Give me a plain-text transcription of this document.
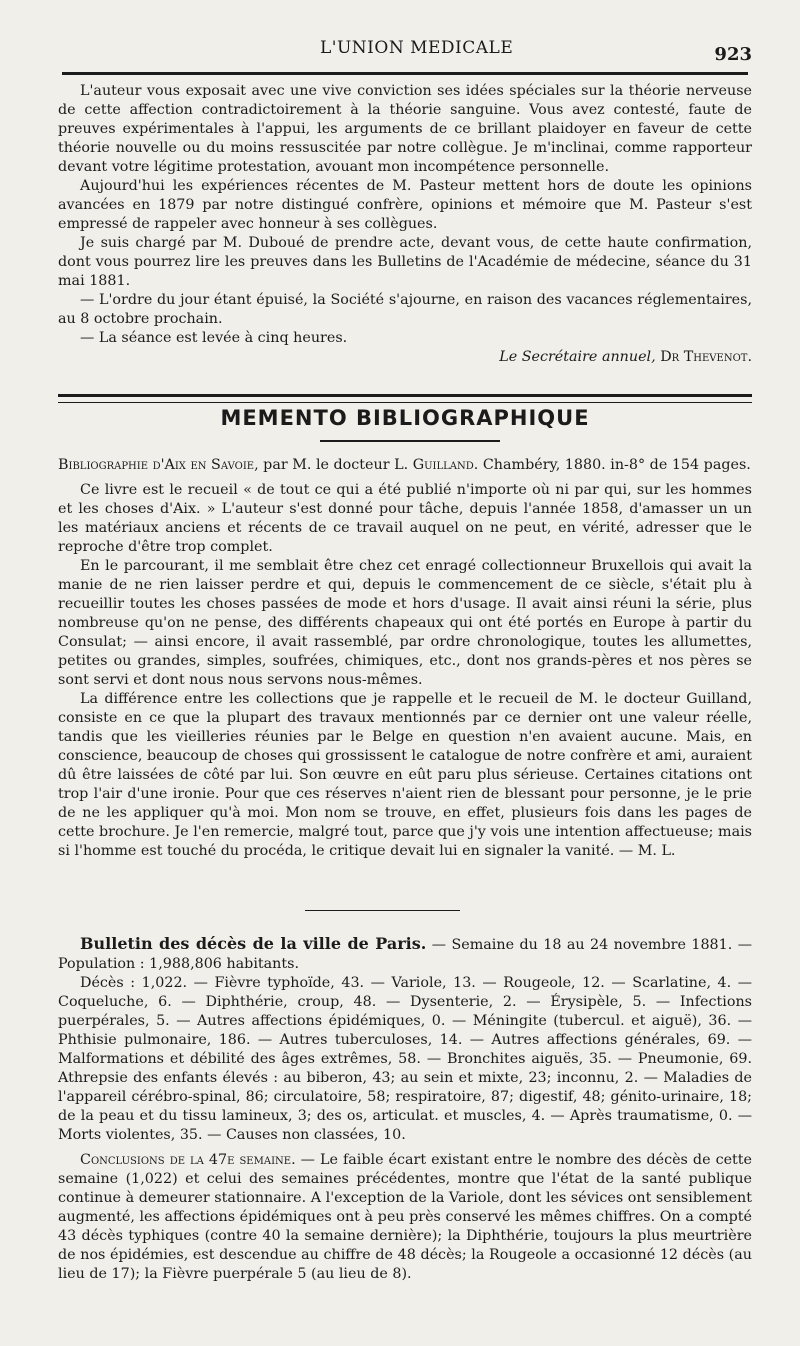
L'UNION MEDICALE	923

L'auteur vous exposait avec une vive conviction ses idées spéciales sur la théorie nerveuse de cette affection contradictoirement à la théorie sanguine. Vous avez contesté, faute de preuves expérimentales à l'appui, les arguments de ce brillant plaidoyer en faveur de cette théorie nouvelle ou du moins ressuscitée par notre collègue. Je m'inclinai, comme rapporteur devant votre légitime protestation, avouant mon incompétence personnelle.

Aujourd'hui les expériences récentes de M. Pasteur mettent hors de doute les opinions avancées en 1879 par notre distingué confrère, opinions et mémoire que M. Pasteur s'est empressé de rappeler avec honneur à ses collègues.

Je suis chargé par M. Duboué de prendre acte, devant vous, de cette haute confirmation, dont vous pourrez lire les preuves dans les Bulletins de l'Académie de médecine, séance du 31 mai 1881.

— L'ordre du jour étant épuisé, la Société s'ajourne, en raison des vacances réglementaires, au 8 octobre prochain.

— La séance est levée à cinq heures.

Le Secrétaire annuel, Dr Thevenot.

MEMENTO BIBLIOGRAPHIQUE

Bibliographie d'Aix en Savoie, par M. le docteur L. Guilland. Chambéry, 1880. in-8° de 154 pages.

Ce livre est le recueil « de tout ce qui a été publié n'importe où ni par qui, sur les hommes et les choses d'Aix. » L'auteur s'est donné pour tâche, depuis l'année 1858, d'amasser un un les matériaux anciens et récents de ce travail auquel on ne peut, en vérité, adresser que le reproche d'être trop complet.

En le parcourant, il me semblait être chez cet enragé collectionneur Bruxellois qui avait la manie de ne rien laisser perdre et qui, depuis le commencement de ce siècle, s'était plu à recueillir toutes les choses passées de mode et hors d'usage. Il avait ainsi réuni la série, plus nombreuse qu'on ne pense, des différents chapeaux qui ont été portés en Europe à partir du Consulat; — ainsi encore, il avait rassemblé, par ordre chronologique, toutes les allumettes, petites ou grandes, simples, soufrées, chimiques, etc., dont nos grands-pères et nos pères se sont servi et dont nous nous servons nous-mêmes.

La différence entre les collections que je rappelle et le recueil de M. le docteur Guilland, consiste en ce que la plupart des travaux mentionnés par ce dernier ont une valeur réelle, tandis que les vieilleries réunies par le Belge en question n'en avaient aucune. Mais, en conscience, beaucoup de choses qui grossissent le catalogue de notre confrère et ami, auraient dû être laissées de côté par lui. Son œuvre en eût paru plus sérieuse. Certaines citations ont trop l'air d'une ironie. Pour que ces réserves n'aient rien de blessant pour personne, je le prie de ne les appliquer qu'à moi. Mon nom se trouve, en effet, plusieurs fois dans les pages de cette brochure. Je l'en remercie, malgré tout, parce que j'y vois une intention affectueuse; mais si l'homme est touché du procéda, le critique devait lui en signaler la vanité. — M. L.

Bulletin des décès de la ville de Paris. — Semaine du 18 au 24 novembre 1881. — Population : 1,988,806 habitants.

Décès : 1,022. — Fièvre typhoïde, 43. — Variole, 13. — Rougeole, 12. — Scarlatine, 4. — Coqueluche, 6. — Diphthérie, croup, 48. — Dysenterie, 2. — Érysipèle, 5. — Infections puerpérales, 5. — Autres affections épidémiques, 0. — Méningite (tubercul. et aiguë), 36. — Phthisie pulmonaire, 186. — Autres tuberculoses, 14. — Autres affections générales, 69. — Malformations et débilité des âges extrêmes, 58. — Bronchites aiguës, 35. — Pneumonie, 69. Athrepsie des enfants élevés : au biberon, 43; au sein et mixte, 23; inconnu, 2. — Maladies de l'appareil cérébro-spinal, 86; circulatoire, 58; respiratoire, 87; digestif, 48; génito-urinaire, 18; de la peau et du tissu lamineux, 3; des os, articulat. et muscles, 4. — Après traumatisme, 0. — Morts violentes, 35. — Causes non classées, 10.

Conclusions de la 47e semaine. — Le faible écart existant entre le nombre des décès de cette semaine (1,022) et celui des semaines précédentes, montre que l'état de la santé publique continue à demeurer stationnaire. A l'exception de la Variole, dont les sévices ont sensiblement augmenté, les affections épidémiques ont à peu près conservé les mêmes chiffres. On a compté 43 décès typhiques (contre 40 la semaine dernière); la Diphthérie, toujours la plus meurtrière de nos épidémies, est descendue au chiffre de 48 décès; la Rougeole a occasionné 12 décès (au lieu de 17); la Fièvre puerpérale 5 (au lieu de 8).
